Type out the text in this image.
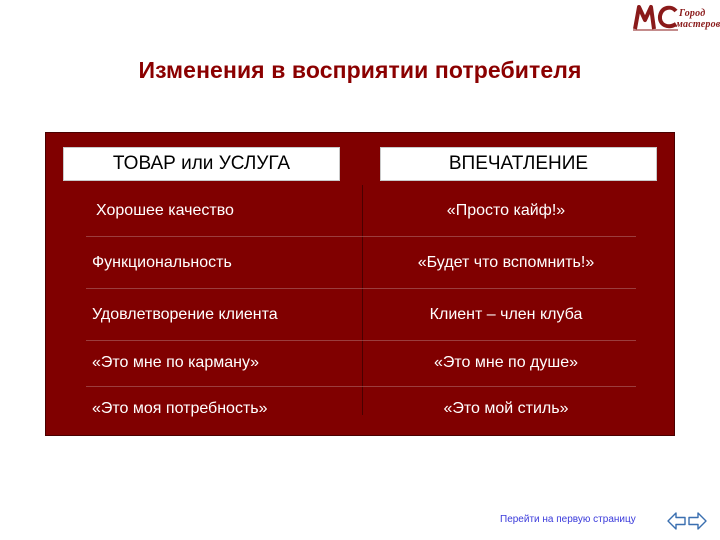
Город
мастеров
Изменения в восприятии потребителя
ТОВАР или УСЛУГА	ВПЕЧАТЛЕНИЕ
Хорошее качество	«Просто кайф!»
Функциональность	«Будет что вспомнить!»
Удовлетворение клиента	Клиент – член клуба
«Это мне по карману»	«Это мне по душе»
«Это моя потребность»	«Это мой стиль»
Перейти на первую страницу
